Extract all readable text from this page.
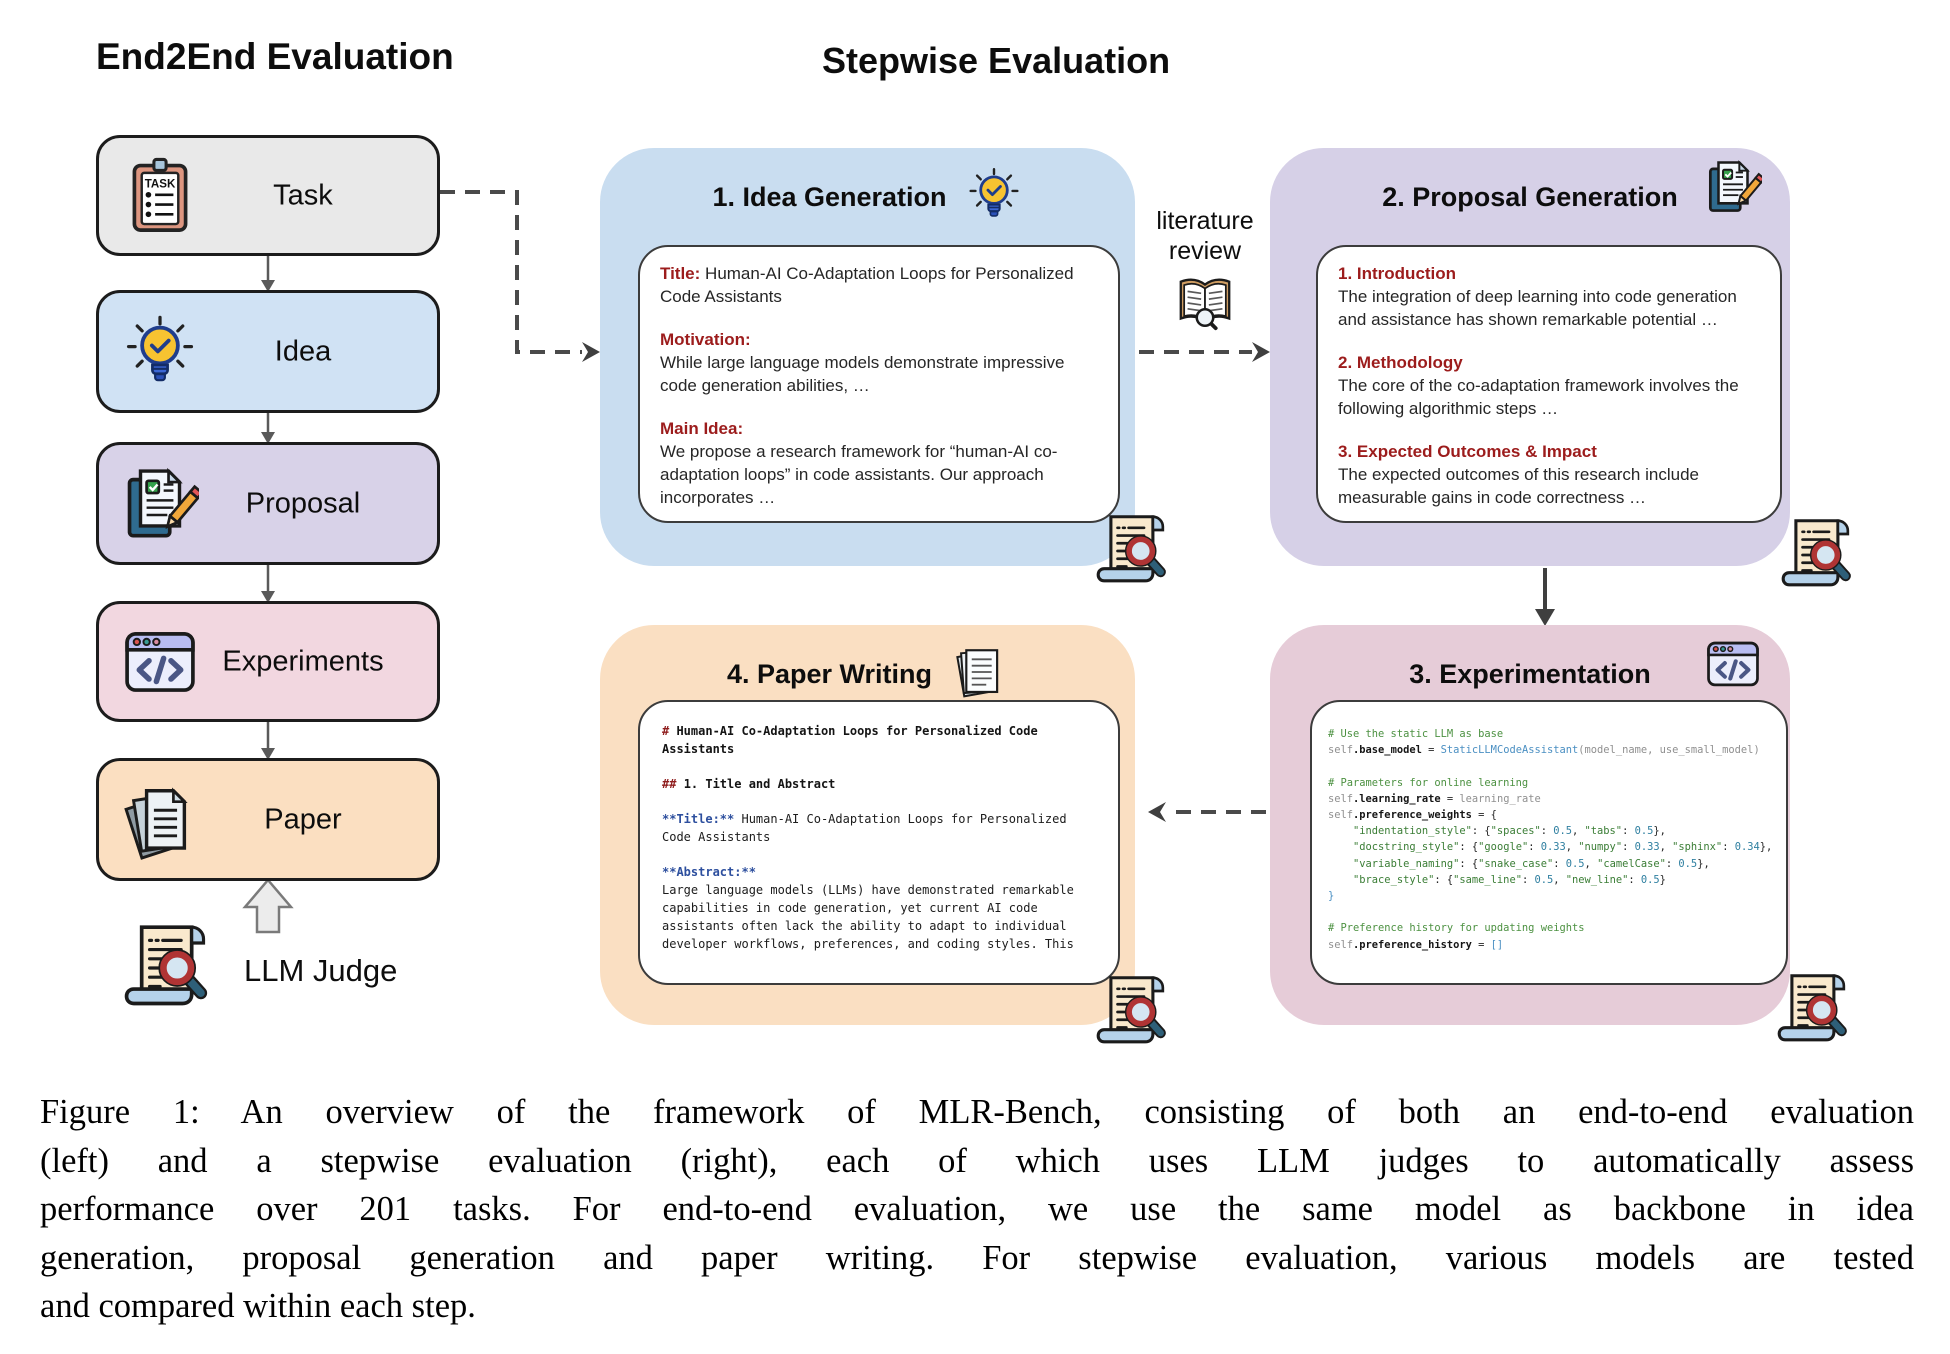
End2End Evaluation	Stepwise Evaluation
TASK	Task
Idea
Proposal
Experiments
Paper
LLM Judge
1. Idea Generation
Title: Human-AI Co-Adaptation Loops for Personalized Code Assistants
Motivation:
While large language models demonstrate impressive code generation abilities, …
Main Idea:
We propose a research framework for “human-AI co-adaptation loops” in code assistants. Our approach incorporates …
literature review
2. Proposal Generation
1. Introduction
The integration of deep learning into code generation and assistance has shown remarkable potential …
2. Methodology
The core of the co-adaptation framework involves the following algorithmic steps …
3. Expected Outcomes & Impact
The expected outcomes of this research include measurable gains in code correctness …
3. Experimentation
# Use the static LLM as base
self.base_model = StaticLLMCodeAssistant(model_name, use_small_model)

# Parameters for online learning
self.learning_rate = learning_rate
self.preference_weights = {
"indentation_style": {"spaces": 0.5, "tabs": 0.5},
"docstring_style": {"google": 0.33, "numpy": 0.33, "sphinx": 0.34},
"variable_naming": {"snake_case": 0.5, "camelCase": 0.5},
"brace_style": {"same_line": 0.5, "new_line": 0.5}
}

# Preference history for updating weights
self.preference_history = []
4. Paper Writing
# Human-AI Co-Adaptation Loops for Personalized Code Assistants
## 1. Title and Abstract
**Title:** Human-AI Co-Adaptation Loops for Personalized Code Assistants
**Abstract:**
Large language models (LLMs) have demonstrated remarkable capabilities in code generation, yet current AI code assistants often lack the ability to adapt to individual developer workflows, preferences, and coding styles. This
Figure 1: An overview of the framework of MLR-Bench, consisting of both an end-to-end evaluation
(left) and a stepwise evaluation (right), each of which uses LLM judges to automatically assess
performance over 201 tasks. For end-to-end evaluation, we use the same model as backbone in idea
generation, proposal generation and paper writing. For stepwise evaluation, various models are tested
and compared within each step.
